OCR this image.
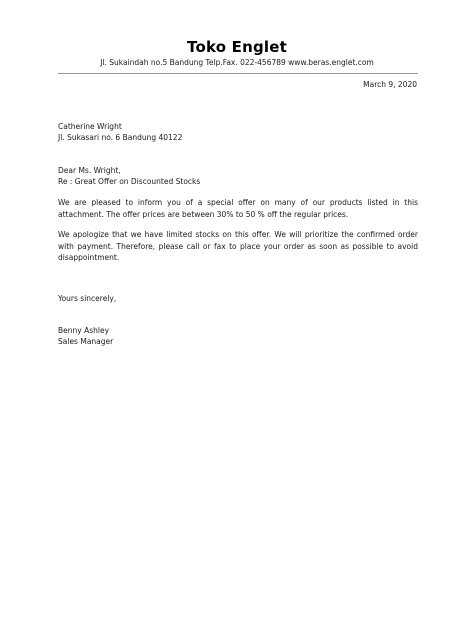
Toko Englet
Jl. Sukaindah no.5 Bandung Telp.Fax. 022-456789 www.beras.englet.com
March 9, 2020
Catherine Wright
Jl. Sukasari no. 6 Bandung 40122
Dear Ms. Wright,
Re : Great Offer on Discounted Stocks
We are pleased to inform you of a special offer on many of our products listed in this attachment. The offer prices are between 30% to 50 % off the regular prices.
We apologize that we have limited stocks on this offer. We will prioritize the confirmed order with payment. Therefore, please call or fax to place your order as soon as possible to avoid disappointment.
Yours sincerely,
Benny Ashley
Sales Manager
